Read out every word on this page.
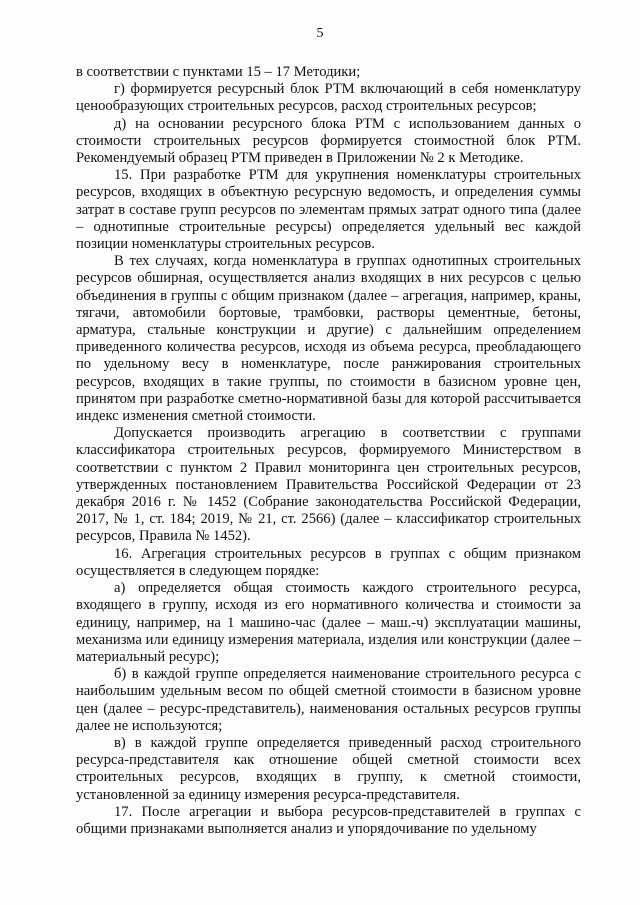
5

в соответствии с пунктами 15 – 17 Методики;

г) формируется ресурсный блок РТМ включающий в себя номенклатуру ценообразующих строительных ресурсов, расход строительных ресурсов;

д) на основании ресурсного блока РТМ с использованием данных о стоимости строительных ресурсов формируется стоимостной блок РТМ. Рекомендуемый образец РТМ приведен в Приложении № 2 к Методике.

15. При разработке РТМ для укрупнения номенклатуры строительных ресурсов, входящих в объектную ресурсную ведомость, и определения суммы затрат в составе групп ресурсов по элементам прямых затрат одного типа (далее – однотипные строительные ресурсы) определяется удельный вес каждой позиции номенклатуры строительных ресурсов.

В тех случаях, когда номенклатура в группах однотипных строительных ресурсов обширная, осуществляется анализ входящих в них ресурсов с целью объединения в группы с общим признаком (далее – агрегация, например, краны, тягачи, автомобили бортовые, трамбовки, растворы цементные, бетоны, арматура, стальные конструкции и другие) с дальнейшим определением приведенного количества ресурсов, исходя из объема ресурса, преобладающего по удельному весу в номенклатуре, после ранжирования строительных ресурсов, входящих в такие группы, по стоимости в базисном уровне цен, принятом при разработке сметно-нормативной базы для которой рассчитывается индекс изменения сметной стоимости.

Допускается производить агрегацию в соответствии с группами классификатора строительных ресурсов, формируемого Министерством в соответствии с пунктом 2 Правил мониторинга цен строительных ресурсов, утвержденных постановлением Правительства Российской Федерации от 23 декабря 2016 г. № 1452 (Собрание законодательства Российской Федерации, 2017, № 1, ст. 184; 2019, № 21, ст. 2566) (далее – классификатор строительных ресурсов, Правила № 1452).

16. Агрегация строительных ресурсов в группах с общим признаком осуществляется в следующем порядке:

а) определяется общая стоимость каждого строительного ресурса, входящего в группу, исходя из его нормативного количества и стоимости за единицу, например, на 1 машино-час (далее – маш.-ч) эксплуатации машины, механизма или единицу измерения материала, изделия или конструкции (далее – материальный ресурс);

б) в каждой группе определяется наименование строительного ресурса с наибольшим удельным весом по общей сметной стоимости в базисном уровне цен (далее – ресурс-представитель), наименования остальных ресурсов группы далее не используются;

в) в каждой группе определяется приведенный расход строительного ресурса-представителя как отношение общей сметной стоимости всех строительных ресурсов, входящих в группу, к сметной стоимости, установленной за единицу измерения ресурса-представителя.

17. После агрегации и выбора ресурсов-представителей в группах с общими признаками выполняется анализ и упорядочивание по удельному
